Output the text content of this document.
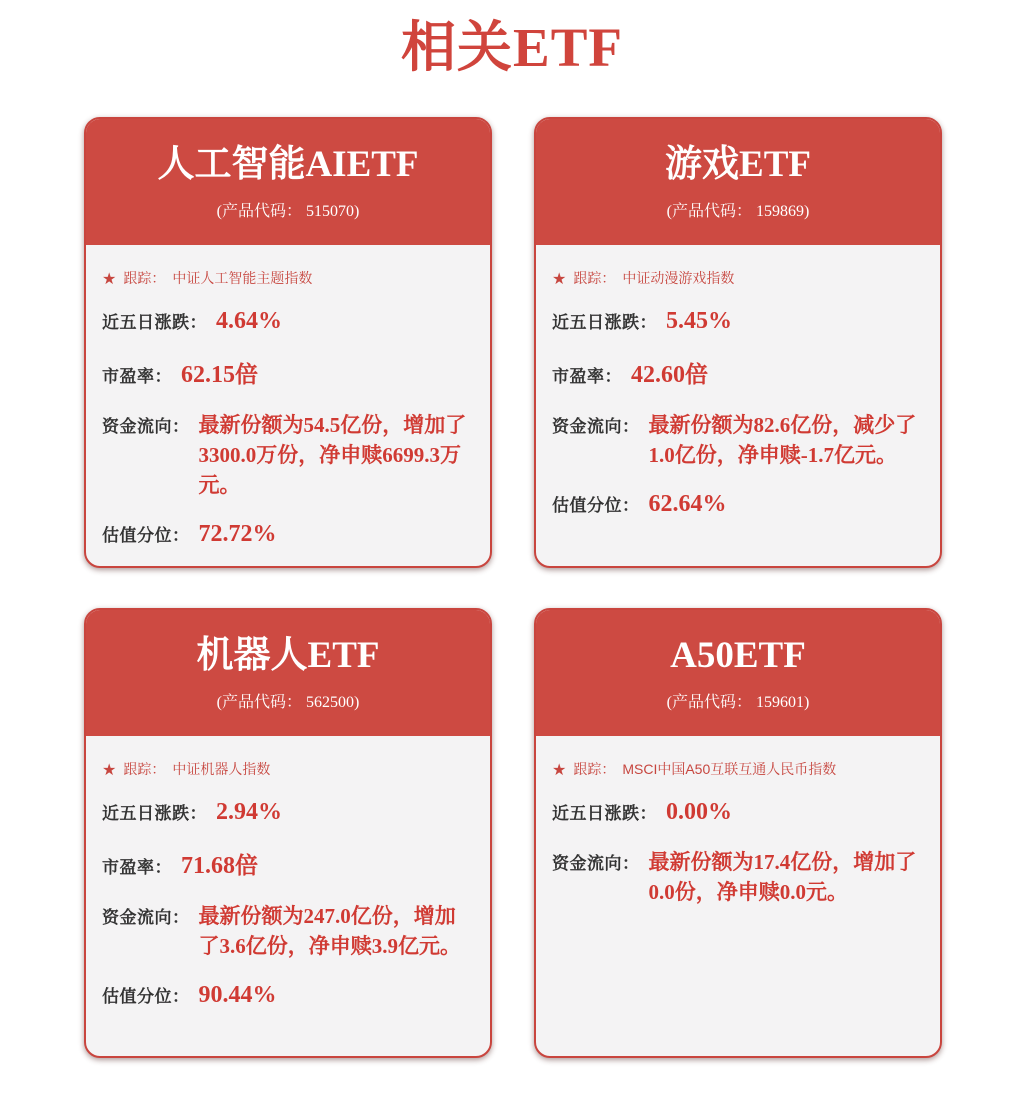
相关ETF
人工智能AIETF
(产品代码： 515070)
★ 跟踪： 中证人工智能主题指数
近五日涨跌： 4.64%
市盈率： 62.15倍
资金流向： 最新份额为54.5亿份，增加了3300.0万份，净申赎6699.3万元。
估值分位： 72.72%
游戏ETF
(产品代码： 159869)
★ 跟踪： 中证动漫游戏指数
近五日涨跌： 5.45%
市盈率： 42.60倍
资金流向： 最新份额为82.6亿份，减少了1.0亿份，净申赎-1.7亿元。
估值分位： 62.64%
机器人ETF
(产品代码： 562500)
★ 跟踪： 中证机器人指数
近五日涨跌： 2.94%
市盈率： 71.68倍
资金流向： 最新份额为247.0亿份，增加了3.6亿份，净申赎3.9亿元。
估值分位： 90.44%
A50ETF
(产品代码： 159601)
★ 跟踪： MSCI中国A50互联互通人民币指数
近五日涨跌： 0.00%
资金流向： 最新份额为17.4亿份，增加了0.0份，净申赎0.0元。
